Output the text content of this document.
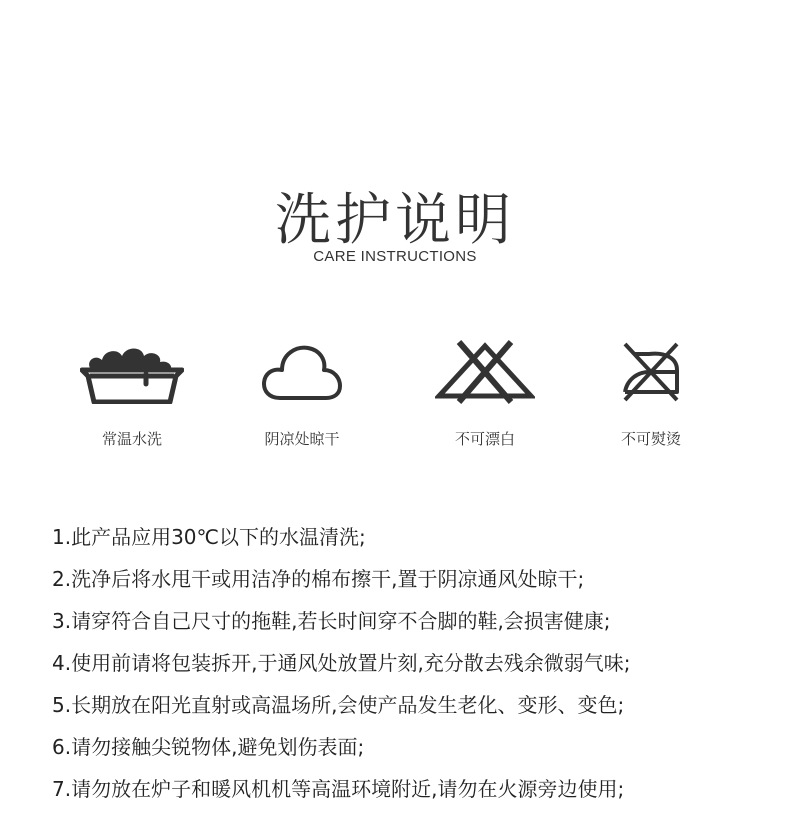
洗护说明
CARE INSTRUCTIONS
常温水洗	阴凉处晾干	不可漂白	不可熨烫
1.此产品应用30℃以下的水温清洗;
2.洗净后将水甩干或用洁净的棉布擦干,置于阴凉通风处晾干;
3.请穿符合自己尺寸的拖鞋,若长时间穿不合脚的鞋,会损害健康;
4.使用前请将包装拆开,于通风处放置片刻,充分散去残余微弱气味;
5.长期放在阳光直射或高温场所,会使产品发生老化、变形、变色;
6.请勿接触尖锐物体,避免划伤表面;
7.请勿放在炉子和暖风机机等高温环境附近,请勿在火源旁边使用;
